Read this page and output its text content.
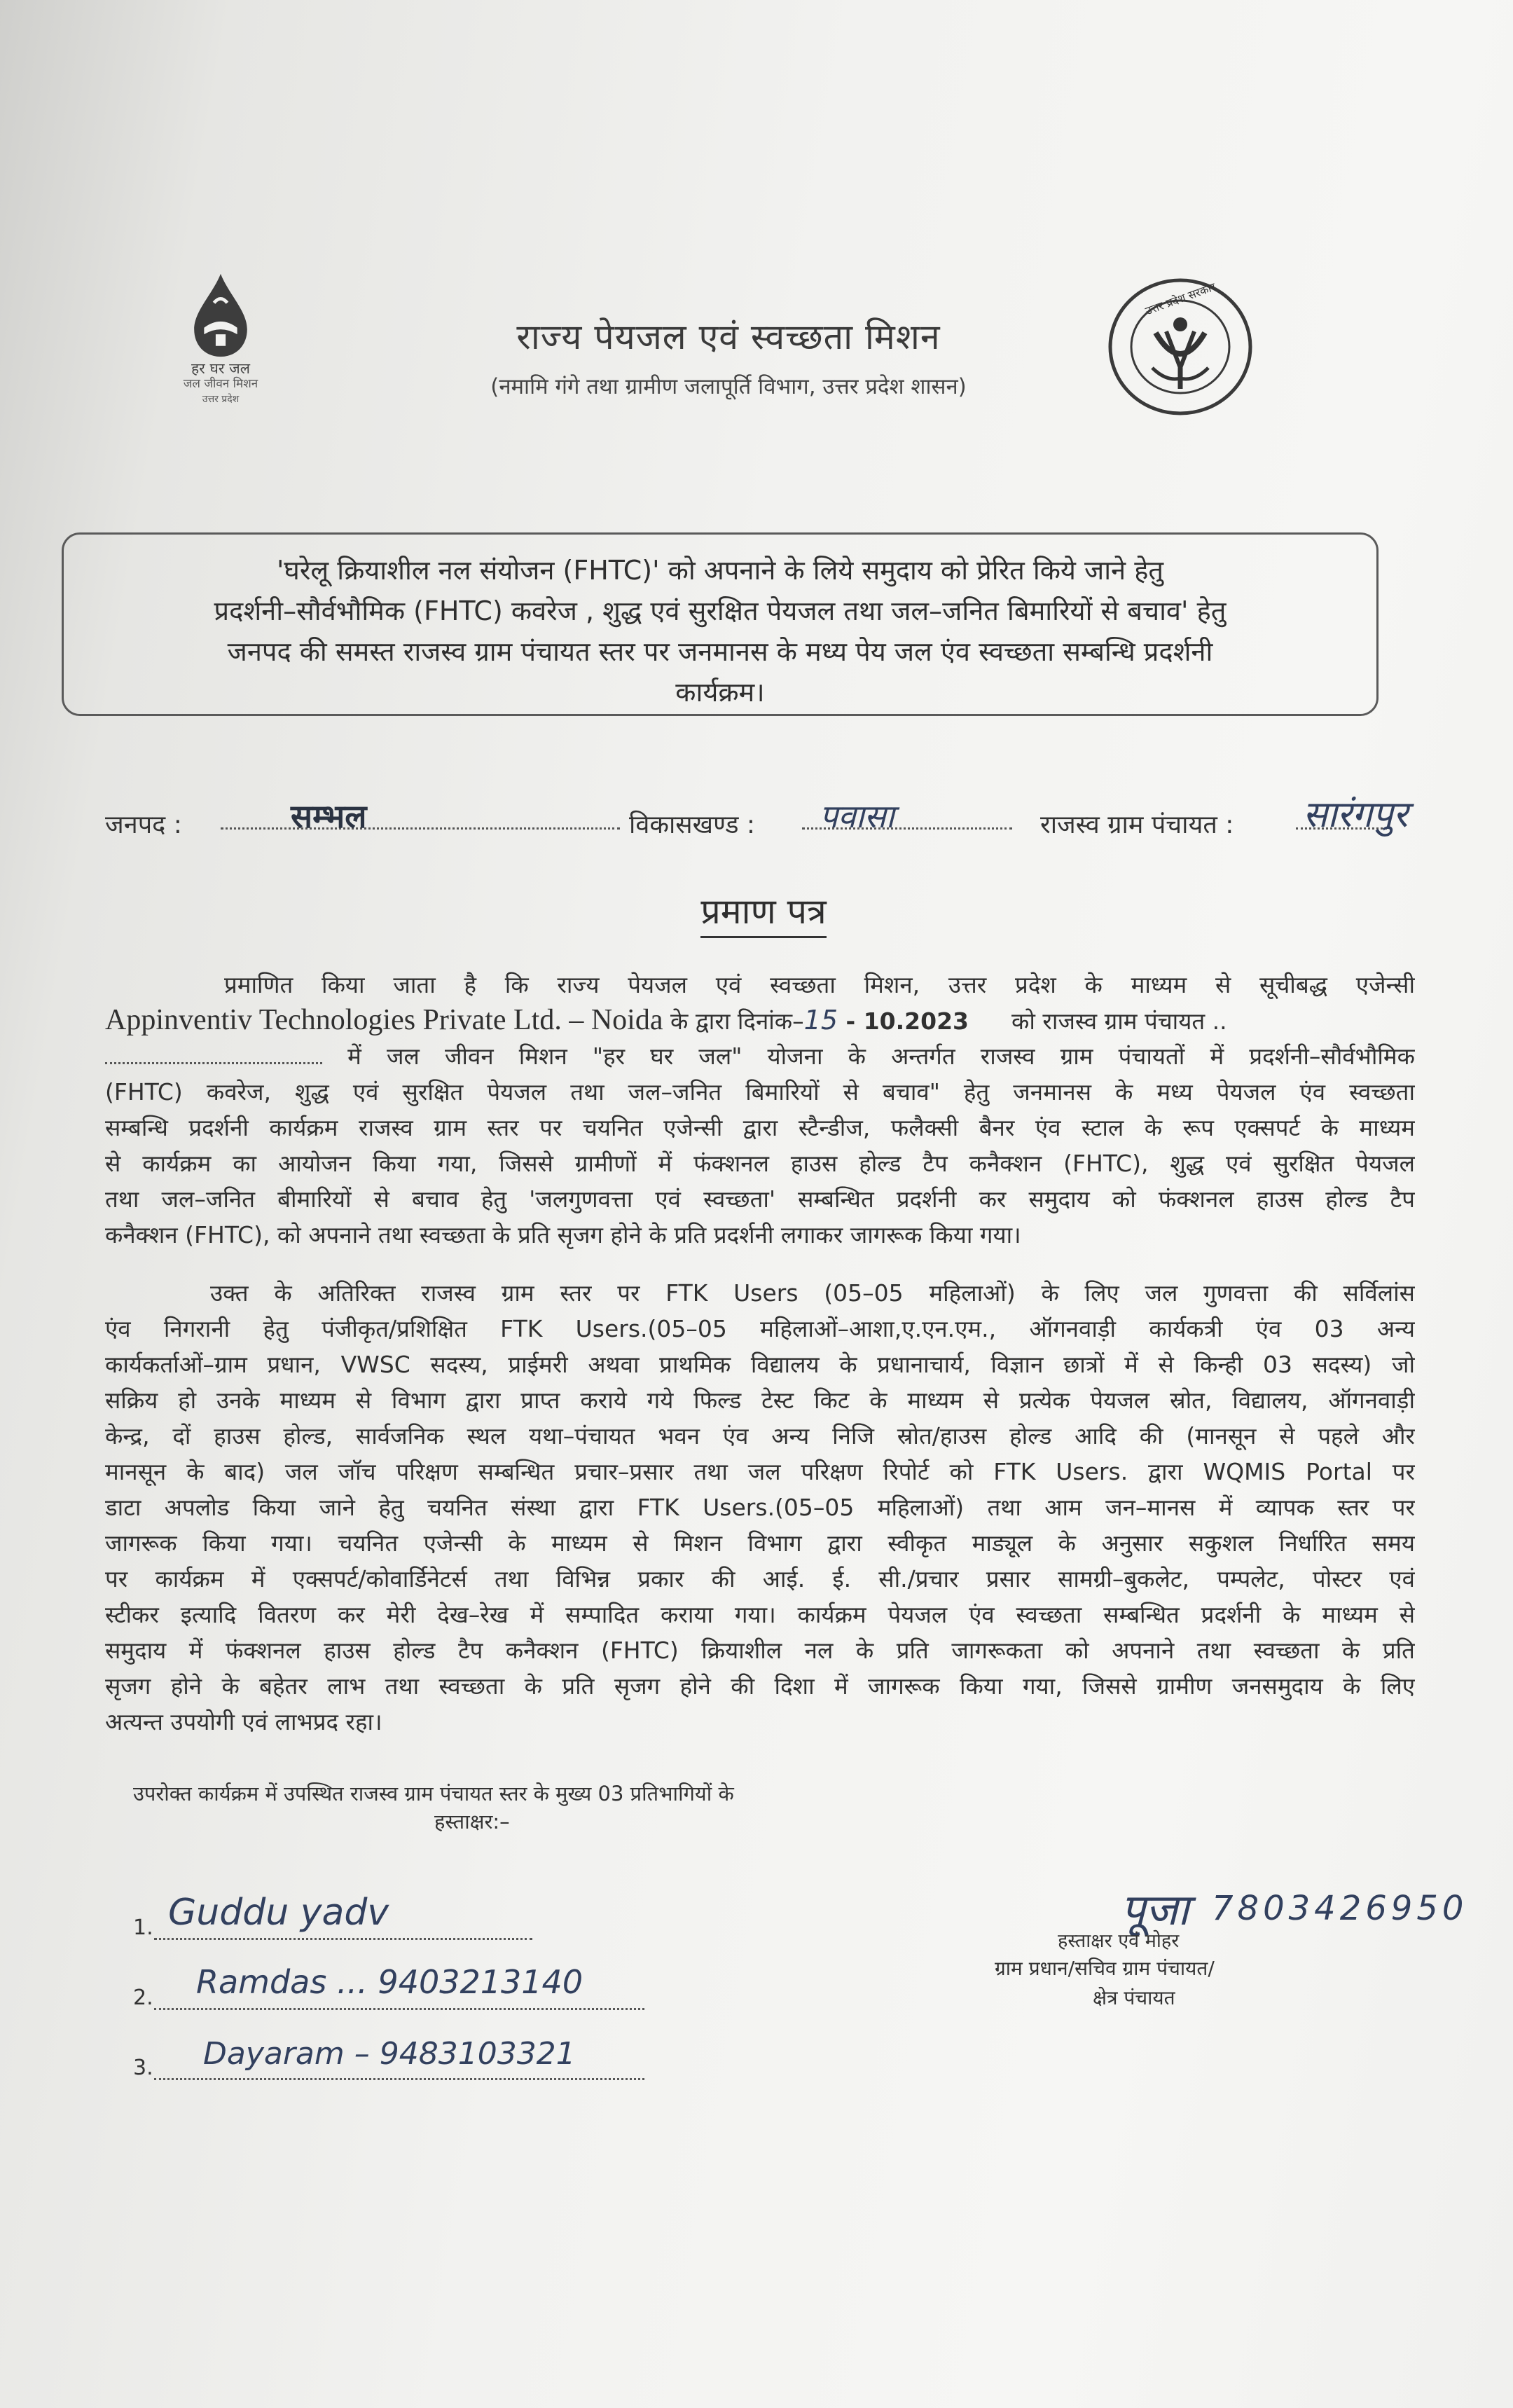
हर घर जल
जल जीवन मिशन
उत्तर प्रदेश
राज्य पेयजल एवं स्वच्छता मिशन
(नमामि गंगे तथा ग्रामीण जलापूर्ति विभाग, उत्तर प्रदेश शासन)
उत्तर प्रदेश सरकार
'घरेलू क्रियाशील नल संयोजन (FHTC)' को अपनाने के लिये समुदाय को प्रेरित किये जाने हेतु
प्रदर्शनी–सौर्वभौमिक (FHTC) कवरेज , शुद्ध एवं सुरक्षित पेयजल तथा जल–जनित बिमारियों से बचाव' हेतु
जनपद की समस्त राजस्व ग्राम पंचायत स्तर पर जनमानस के मध्य पेय जल एंव स्वच्छता सम्बन्धि प्रदर्शनी
कार्यक्रम।
जनपद :	सम्भल	विकासखण्ड : पवासा	राजस्व ग्राम पंचायत : सारंगपुर
प्रमाण पत्र
प्रमाणित किया जाता है कि राज्य पेयजल एवं स्वच्छता मिशन, उत्तर प्रदेश के माध्यम से सूचीबद्ध एजेन्सी
Appinventiv Technologies Private Ltd. – Noida के द्वारा दिनांक–15 - 10.2023 को राजस्व ग्राम पंचायत ..
में जल जीवन मिशन "हर घर जल" योजना के अन्तर्गत राजस्व ग्राम पंचायतों में प्रदर्शनी–सौर्वभौमिक
(FHTC) कवरेज, शुद्ध एवं सुरक्षित पेयजल तथा जल–जनित बिमारियों से बचाव" हेतु जनमानस के मध्य पेयजल एंव स्वच्छता
सम्बन्धि प्रदर्शनी कार्यक्रम राजस्व ग्राम स्तर पर चयनित एजेन्सी द्वारा स्टैन्डीज, फलैक्सी बैनर एंव स्टाल के रूप एक्सपर्ट के माध्यम
से कार्यक्रम का आयोजन किया गया, जिससे ग्रामीणों में फंक्शनल हाउस होल्ड टैप कनैक्शन (FHTC), शुद्ध एवं सुरक्षित पेयजल
तथा जल–जनित बीमारियों से बचाव हेतु 'जलगुणवत्ता एवं स्वच्छता' सम्बन्धित प्रदर्शनी कर समुदाय को फंक्शनल हाउस होल्ड टैप
कनैक्शन (FHTC), को अपनाने तथा स्वच्छता के प्रति सृजग होने के प्रति प्रदर्शनी लगाकर जागरूक किया गया।
उक्त के अतिरिक्त राजस्व ग्राम स्तर पर FTK Users (05–05 महिलाओं) के लिए जल गुणवत्ता की सर्विलांस
एंव निगरानी हेतु पंजीकृत/प्रशिक्षित FTK Users.(05–05 महिलाओं–आशा,ए.एन.एम., ऑगनवाड़ी कार्यकत्री एंव 03 अन्य
कार्यकर्ताओं–ग्राम प्रधान, VWSC सदस्य, प्राईमरी अथवा प्राथमिक विद्यालय के प्रधानाचार्य, विज्ञान छात्रों में से किन्ही 03 सदस्य) जो
सक्रिय हो उनके माध्यम से विभाग द्वारा प्राप्त कराये गये फिल्ड टेस्ट किट के माध्यम से प्रत्येक पेयजल स्रोत, विद्यालय, ऑगनवाड़ी
केन्द्र, दों हाउस होल्ड, सार्वजनिक स्थल यथा–पंचायत भवन एंव अन्य निजि स्रोत/हाउस होल्ड आदि की (मानसून से पहले और
मानसून के बाद) जल जॉच परिक्षण सम्बन्धित प्रचार–प्रसार तथा जल परिक्षण रिपोर्ट को FTK Users. द्वारा WQMIS Portal पर
डाटा अपलोड किया जाने हेतु चयनित संस्था द्वारा FTK Users.(05–05 महिलाओं) तथा आम जन–मानस में व्यापक स्तर पर
जागरूक किया गया। चयनित एजेन्सी के माध्यम से मिशन विभाग द्वारा स्वीकृत माड्यूल के अनुसार सकुशल निर्धारित समय
पर कार्यक्रम में एक्सपर्ट/कोवार्डिनेटर्स तथा विभिन्न प्रकार की आई. ई. सी./प्रचार प्रसार सामग्री–बुकलेट, पम्पलेट, पोस्टर एवं
स्टीकर इत्यादि वितरण कर मेरी देख–रेख में सम्पादित कराया गया। कार्यक्रम पेयजल एंव स्वच्छता सम्बन्धित प्रदर्शनी के माध्यम से
समुदाय में फंक्शनल हाउस होल्ड टैप कनैक्शन (FHTC) क्रियाशील नल के प्रति जागरूकता को अपनाने तथा स्वच्छता के प्रति
सृजग होने के बहेतर लाभ तथा स्वच्छता के प्रति सृजग होने की दिशा में जागरूक किया गया, जिससे ग्रामीण जनसमुदाय के लिए
अत्यन्त उपयोगी एवं लाभप्रद रहा।
उपरोक्त कार्यक्रम में उपस्थित राजस्व ग्राम पंचायत स्तर के मुख्य 03 प्रतिभागियों के
हस्ताक्षर:–
1. Guddu yadv
2. Ramdas ... 9403213140
3. Dayaram – 9483103321
पूजा 7803426950
हस्ताक्षर एवं मोहर
ग्राम प्रधान/सचिव ग्राम पंचायत/
क्षेत्र पंचायत
